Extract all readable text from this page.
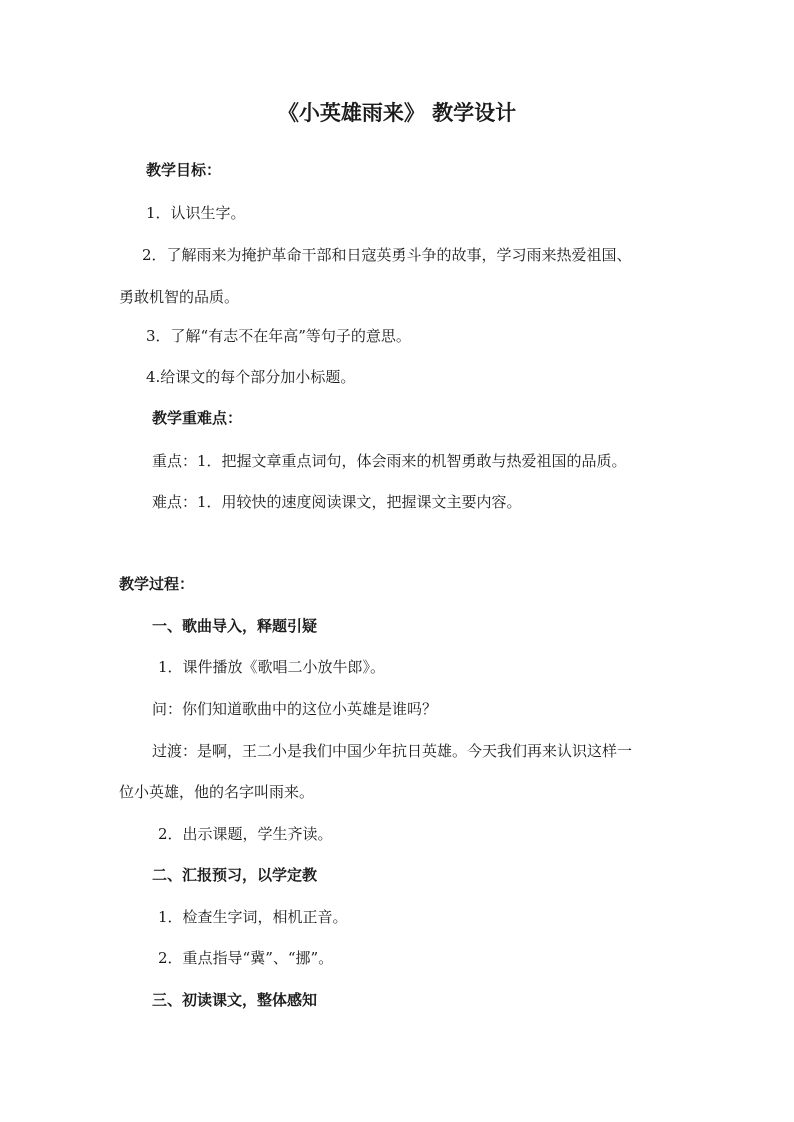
《小英雄雨来》 教学设计
教学目标：
1．认识生字。
2．了解雨来为掩护革命干部和日寇英勇斗争的故事，学习雨来热爱祖国、
勇敢机智的品质。
3．了解“有志不在年高”等句子的意思。
4.给课文的每个部分加小标题。
教学重难点：
重点：1．把握文章重点词句，体会雨来的机智勇敢与热爱祖国的品质。
难点：1．用较快的速度阅读课文，把握课文主要内容。
教学过程：
一、歌曲导入，释题引疑
1．课件播放《歌唱二小放牛郎》。
问：你们知道歌曲中的这位小英雄是谁吗？
过渡：是啊，王二小是我们中国少年抗日英雄。今天我们再来认识这样一
位小英雄，他的名字叫雨来。
2．出示课题，学生齐读。
二、汇报预习，以学定教
1．检查生字词，相机正音。
2．重点指导“冀”、“挪”。
三、初读课文，整体感知
